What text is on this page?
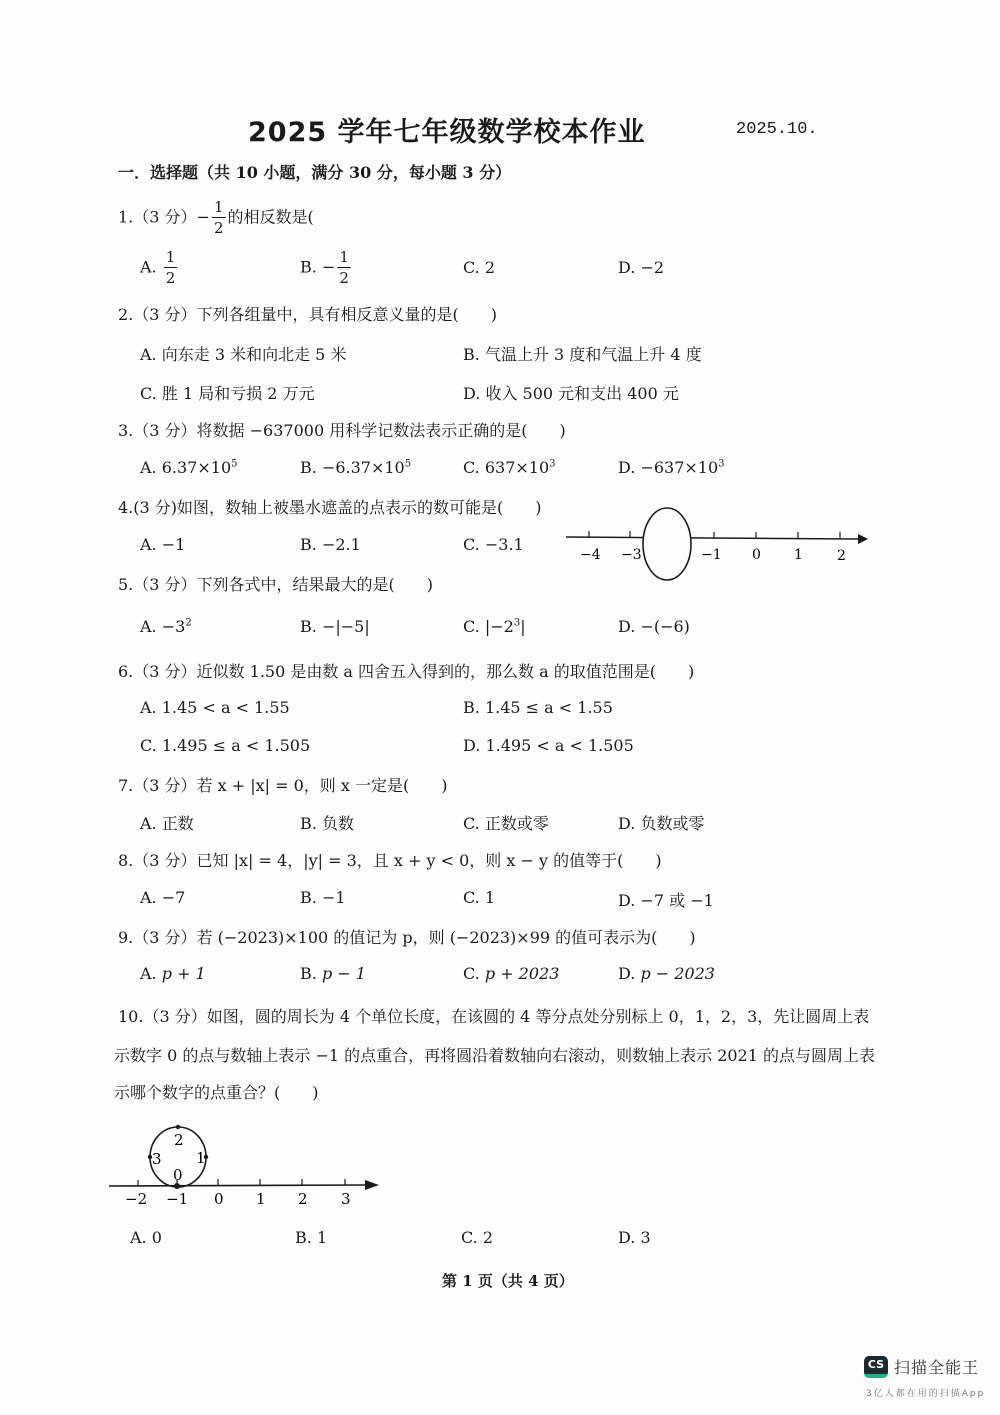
2025 学年七年级数学校本作业	2025.10.
一．选择题（共 10 小题，满分 30 分，每小题 3 分）
1.（3 分）− $\frac{1}{2}$ 的相反数是(
A. $\frac{1}{2}$	B. − $\frac{1}{2}$	C. 2	D. −2
2.（3 分）下列各组量中，具有相反意义量的是(　　)
A. 向东走 3 米和向北走 5 米	B. 气温上升 3 度和气温上升 4 度
C. 胜 1 局和亏损 2 万元	D. 收入 500 元和支出 400 元
3.（3 分）将数据 −637000 用科学记数法表示正确的是(　　)
A. $6.37\times 10^5$	B. $-6.37\times 10^5$	C. $637\times 10^3$	D. $-637\times 10^3$
4.(3 分)如图，数轴上被墨水遮盖的点表示的数可能是(　　)
A. −1	B. −2.1	C. −3.1
−4 −3	−1 0 1 2
5.（3 分）下列各式中，结果最大的是(　　)
A. $-3^2$	B. −|−5|	C. $|-2^3|$	D. −(−6)
6.（3 分）近似数 1.50 是由数 a 四舍五入得到的，那么数 a 的取值范围是(　　)
A. 1.45 < a < 1.55	B. 1.45 ≤ a < 1.55
C. 1.495 ≤ a < 1.505	D. 1.495 < a < 1.505
7.（3 分）若 x + |x| = 0，则 x 一定是(　　)
A. 正数	B. 负数	C. 正数或零	D. 负数或零
8.（3 分）已知 |x| = 4，|y| = 3，且 x + y < 0，则 x − y 的值等于(　　)
A. −7	B. −1	C. 1	D. −7 或 −1
9.（3 分）若 (−2023)×100 的值记为 p，则 (−2023)×99 的值可表示为(　　)
A. p + 1	B. p − 1	C. p + 2023	D. p − 2023
10.（3 分）如图，圆的周长为 4 个单位长度，在该圆的 4 等分点处分别标上 0，1，2，3，先让圆周上表
示数字 0 的点与数轴上表示 −1 的点重合，再将圆沿着数轴向右滚动，则数轴上表示 2021 的点与圆周上表
示哪个数字的点重合？(　　)
0
1
2
3
−2 −1 0 1 2 3
A. 0	B. 1	C. 2	D. 3
第 1 页（共 4 页）
CS 扫描全能王
3亿人都在用的扫描App
